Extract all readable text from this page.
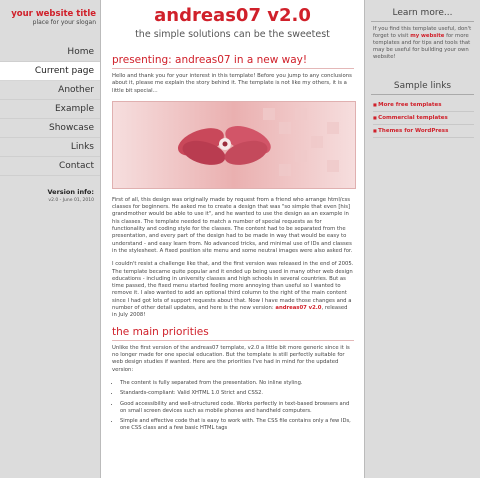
your website title
place for your slogan
Home
Current page
Another
Example
Showcase
Links
Contact
Version info:
v2.0 - June 01, 2010
andreas07 v2.0
the simple solutions can be the sweetest
presenting: andreas07 in a new way!

Hello and thank you for your interest in this template! Before you jump to any conclusions about it, please me explain the story behind it. The template is not like my others, it is a little bit special...

First of all, this design was originally made by request from a friend who arrange html/css classes for beginners. He asked me to create a design that was "so simple that even [his] grandmother would be able to use it", and he wanted to use the design as an example in his classes. The template needed to match a number of special requests as for functionality and coding style for the classes. The content had to be separated from the presentation, and every part of the design had to be made in way that would be easy to understand - and easy learn from. No advanced tricks, and minimal use of IDs and classes in the stylesheet. A fixed position site menu and some neutral images were also asked for.

I couldn't resist a challenge like that, and the first version was released in the end of 2005. The template became quite popular and it ended up being used in many other web design educations - including in university classes and high schools in several countries. But as time passed, the fixed menu started feeling more annoying than useful so I wanted to remove it. I also wanted to add an optional third column to the right of the main content since I had got lots of support requests about that. Now I have made those changes and a number of other detail updates, and here is the new version: andreas07 v2.0, released in July 2008!

the main priorities

Unlike the first version of the andreas07 template, v2.0 a little bit more generic since it is no longer made for one special education. But the template is still perfectly suitable for web design studies if wanted. Here are the priorities I've had in mind for the updated version:

• The content is fully separated from the presentation. No inline styling.
• Standards-compliant: Valid XHTML 1.0 Strict and CSS2.
• Good accessibility and well-structured code. Works perfectly in text-based browsers and on small screen devices such as mobile phones and handheld computers.
• Simple and effective code that is easy to work with. The CSS file contains only a few IDs, one CSS class and a few basic HTML tags
Learn more...
If you find this template useful, don't forget to visit my website for more templates and for tips and tools that may be useful for building your own website!
Sample links
■ More free templates
■ Commercial templates
■ Themes for WordPress
